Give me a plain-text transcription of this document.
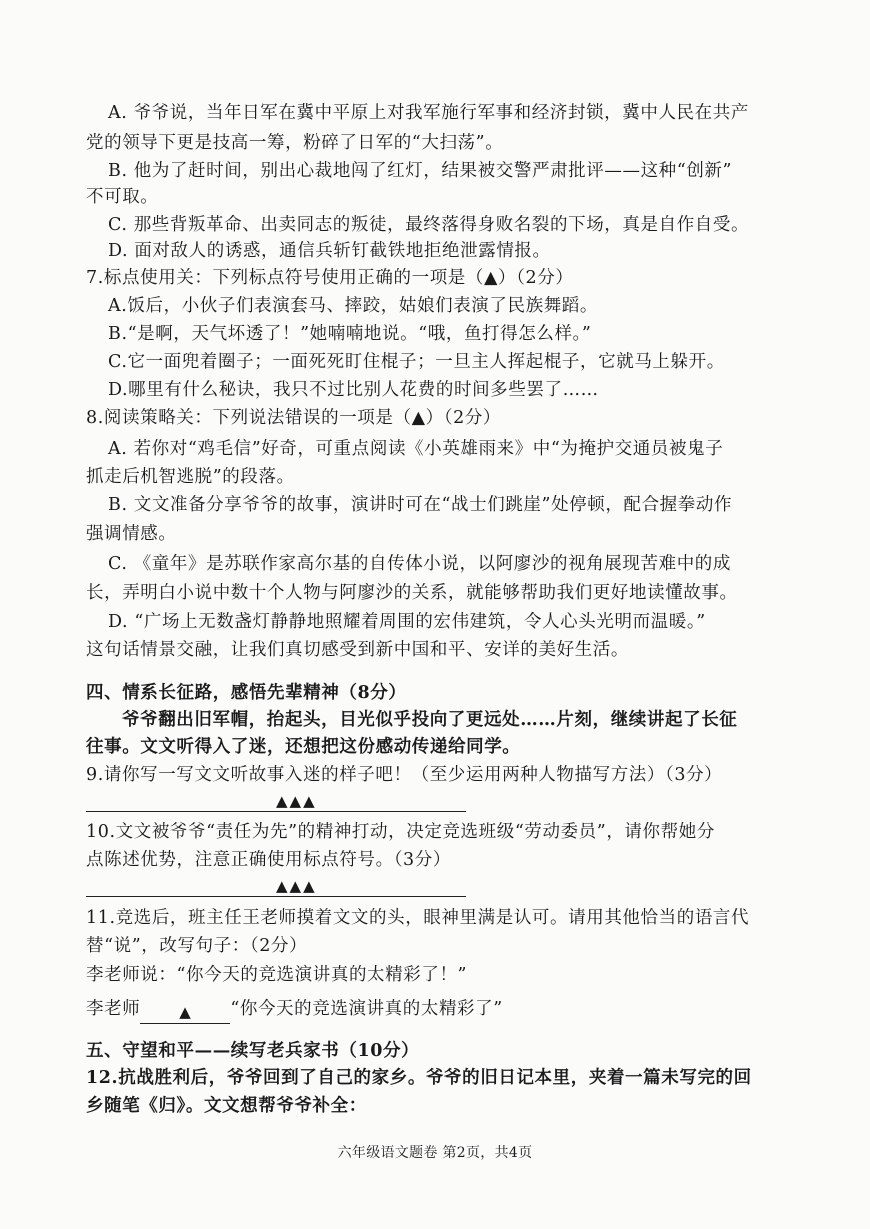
A. 爷爷说，当年日军在冀中平原上对我军施行军事和经济封锁，冀中人民在共产
党的领导下更是技高一筹，粉碎了日军的“大扫荡”。
B. 他为了赶时间，别出心裁地闯了红灯，结果被交警严肃批评——这种“创新”
不可取。
C. 那些背叛革命、出卖同志的叛徒，最终落得身败名裂的下场，真是自作自受。
D. 面对敌人的诱惑，通信兵斩钉截铁地拒绝泄露情报。
7.标点使用关：下列标点符号使用正确的一项是（▲）（2分）
A.饭后，小伙子们表演套马、摔跤，姑娘们表演了民族舞蹈。
B.“是啊，天气坏透了！”她喃喃地说。“哦，鱼打得怎么样。”
C.它一面兜着圈子；一面死死盯住棍子；一旦主人挥起棍子，它就马上躲开。
D.哪里有什么秘诀，我只不过比别人花费的时间多些罢了……
8.阅读策略关：下列说法错误的一项是（▲）（2分）
A. 若你对“鸡毛信”好奇，可重点阅读《小英雄雨来》中“为掩护交通员被鬼子
抓走后机智逃脱”的段落。
B. 文文准备分享爷爷的故事，演讲时可在“战士们跳崖”处停顿，配合握拳动作
强调情感。
C. 《童年》是苏联作家高尔基的自传体小说，以阿廖沙的视角展现苦难中的成
长，弄明白小说中数十个人物与阿廖沙的关系，就能够帮助我们更好地读懂故事。
D. “广场上无数盏灯静静地照耀着周围的宏伟建筑，令人心头光明而温暖。”
这句话情景交融，让我们真切感受到新中国和平、安详的美好生活。
四、情系长征路，感悟先辈精神（8分）
爷爷翻出旧军帽，抬起头，目光似乎投向了更远处……片刻，继续讲起了长征
往事。文文听得入了迷，还想把这份感动传递给同学。
9.请你写一写文文听故事入迷的样子吧！（至少运用两种人物描写方法）（3分）
▲▲▲
10.文文被爷爷“责任为先”的精神打动，决定竞选班级“劳动委员”，请你帮她分
点陈述优势，注意正确使用标点符号。（3分）
▲▲▲
11.竞选后，班主任王老师摸着文文的头，眼神里满是认可。请用其他恰当的语言代
替“说”，改写句子：（2分）
李老师说：“你今天的竞选演讲真的太精彩了！”
李老师	▲ “你今天的竞选演讲真的太精彩了”
五、守望和平——续写老兵家书（10分）
12.抗战胜利后，爷爷回到了自己的家乡。爷爷的旧日记本里，夹着一篇未写完的回
乡随笔《归》。文文想帮爷爷补全：
六年级语文题卷 第2页，共4页
